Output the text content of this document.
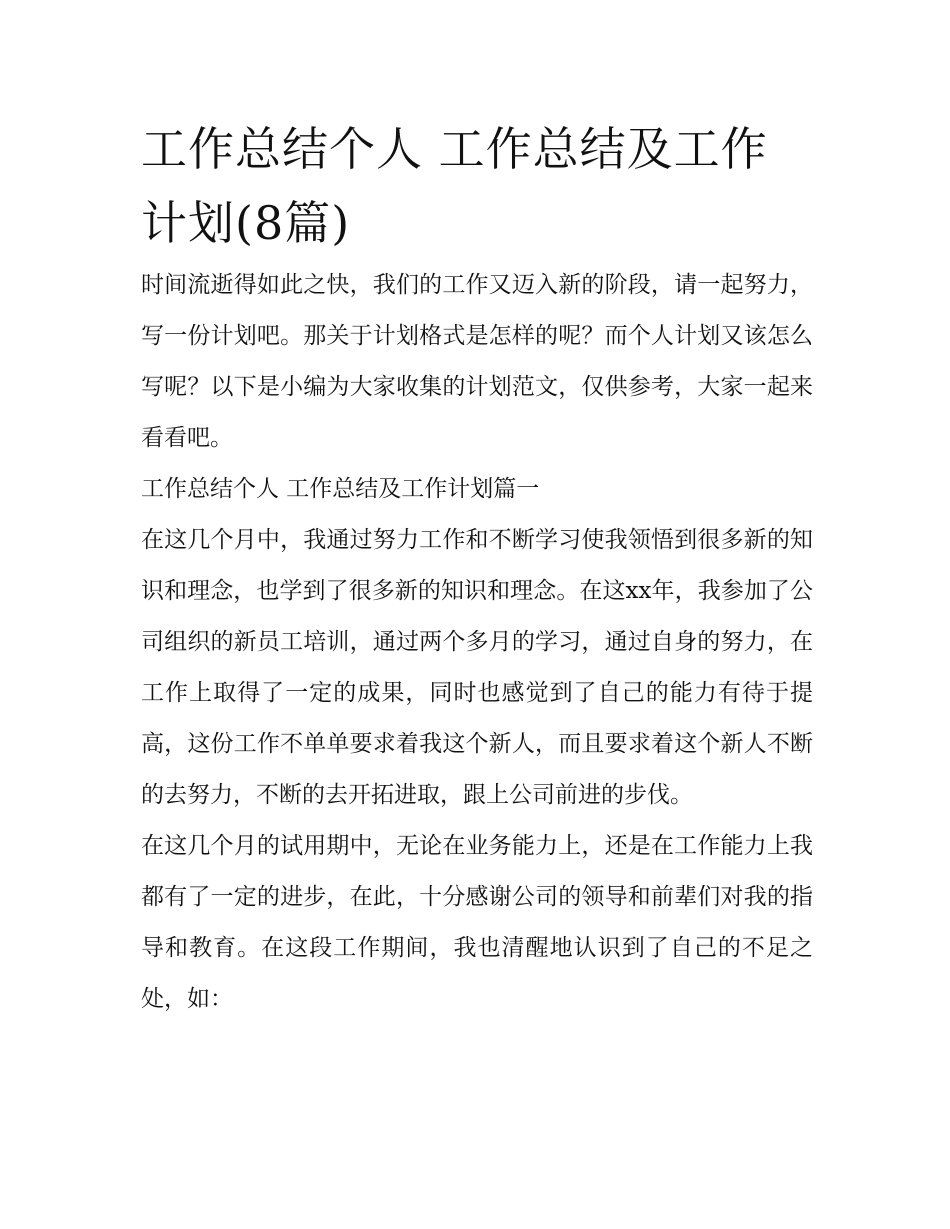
工作总结个人 工作总结及工作计划(8篇)

时间流逝得如此之快，我们的工作又迈入新的阶段，请一起努力，写一份计划吧。那关于计划格式是怎样的呢？而个人计划又该怎么写呢？以下是小编为大家收集的计划范文，仅供参考，大家一起来看看吧。

工作总结个人 工作总结及工作计划篇一

在这几个月中，我通过努力工作和不断学习使我领悟到很多新的知识和理念，也学到了很多新的知识和理念。在这xx年，我参加了公司组织的新员工培训，通过两个多月的学习，通过自身的努力，在工作上取得了一定的成果，同时也感觉到了自己的能力有待于提高，这份工作不单单要求着我这个新人，而且要求着这个新人不断的去努力，不断的去开拓进取，跟上公司前进的步伐。

在这几个月的试用期中，无论在业务能力上，还是在工作能力上我都有了一定的进步，在此，十分感谢公司的领导和前辈们对我的指导和教育。在这段工作期间，我也清醒地认识到了自己的不足之处，如：
